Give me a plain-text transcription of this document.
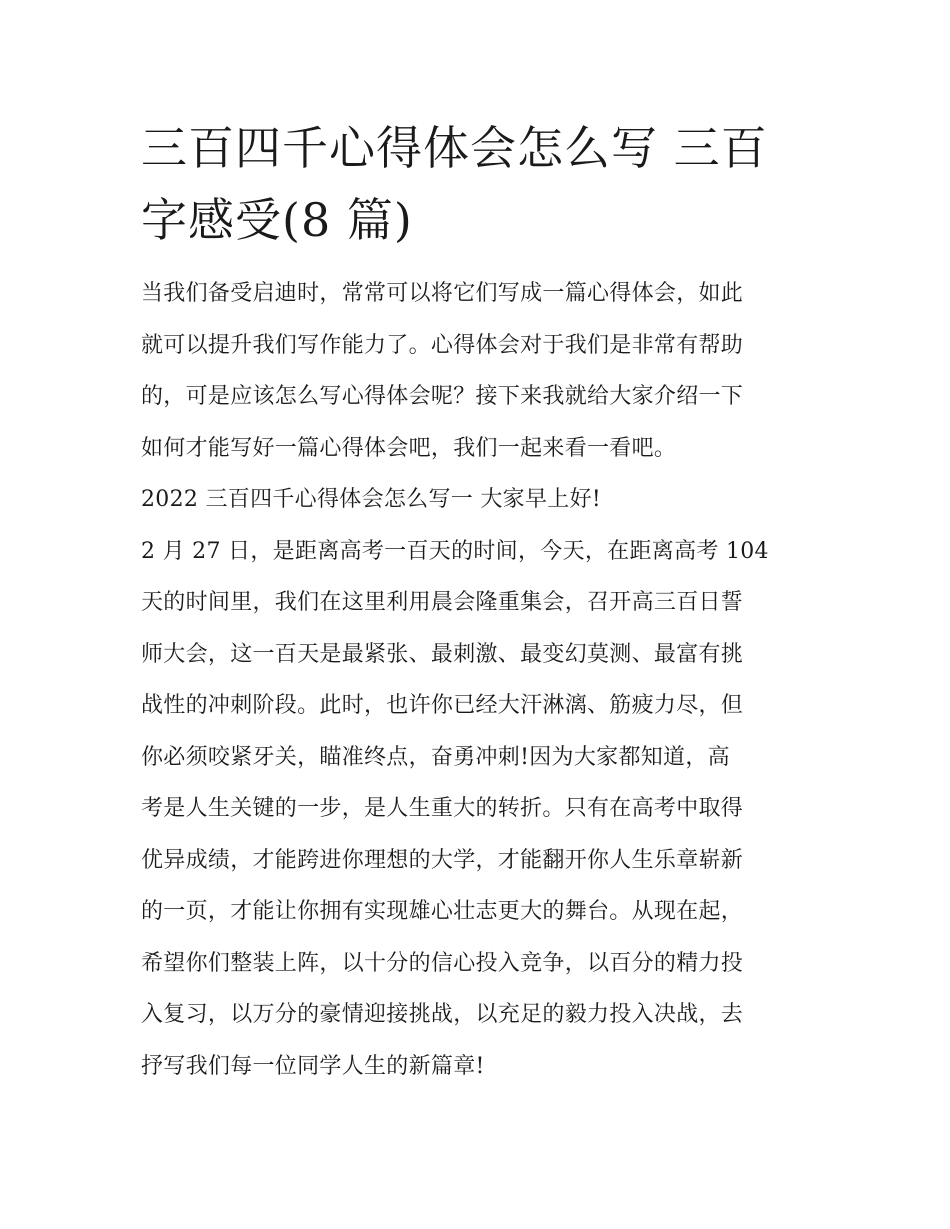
三百四千心得体会怎么写 三百
字感受(8 篇)

当我们备受启迪时，常常可以将它们写成一篇心得体会，如此
就可以提升我们写作能力了。心得体会对于我们是非常有帮助
的，可是应该怎么写心得体会呢？接下来我就给大家介绍一下
如何才能写好一篇心得体会吧，我们一起来看一看吧。

2022 三百四千心得体会怎么写一 大家早上好!

2 月 27 日，是距离高考一百天的时间，今天，在距离高考 104
天的时间里，我们在这里利用晨会隆重集会，召开高三百日誓
师大会，这一百天是最紧张、最刺激、最变幻莫测、最富有挑
战性的冲刺阶段。此时，也许你已经大汗淋漓、筋疲力尽，但
你必须咬紧牙关，瞄准终点，奋勇冲刺!因为大家都知道，高
考是人生关键的一步，是人生重大的转折。只有在高考中取得
优异成绩，才能跨进你理想的大学，才能翻开你人生乐章崭新
的一页，才能让你拥有实现雄心壮志更大的舞台。从现在起，
希望你们整装上阵，以十分的信心投入竞争，以百分的精力投
入复习，以万分的豪情迎接挑战，以充足的毅力投入决战，去
抒写我们每一位同学人生的新篇章!
